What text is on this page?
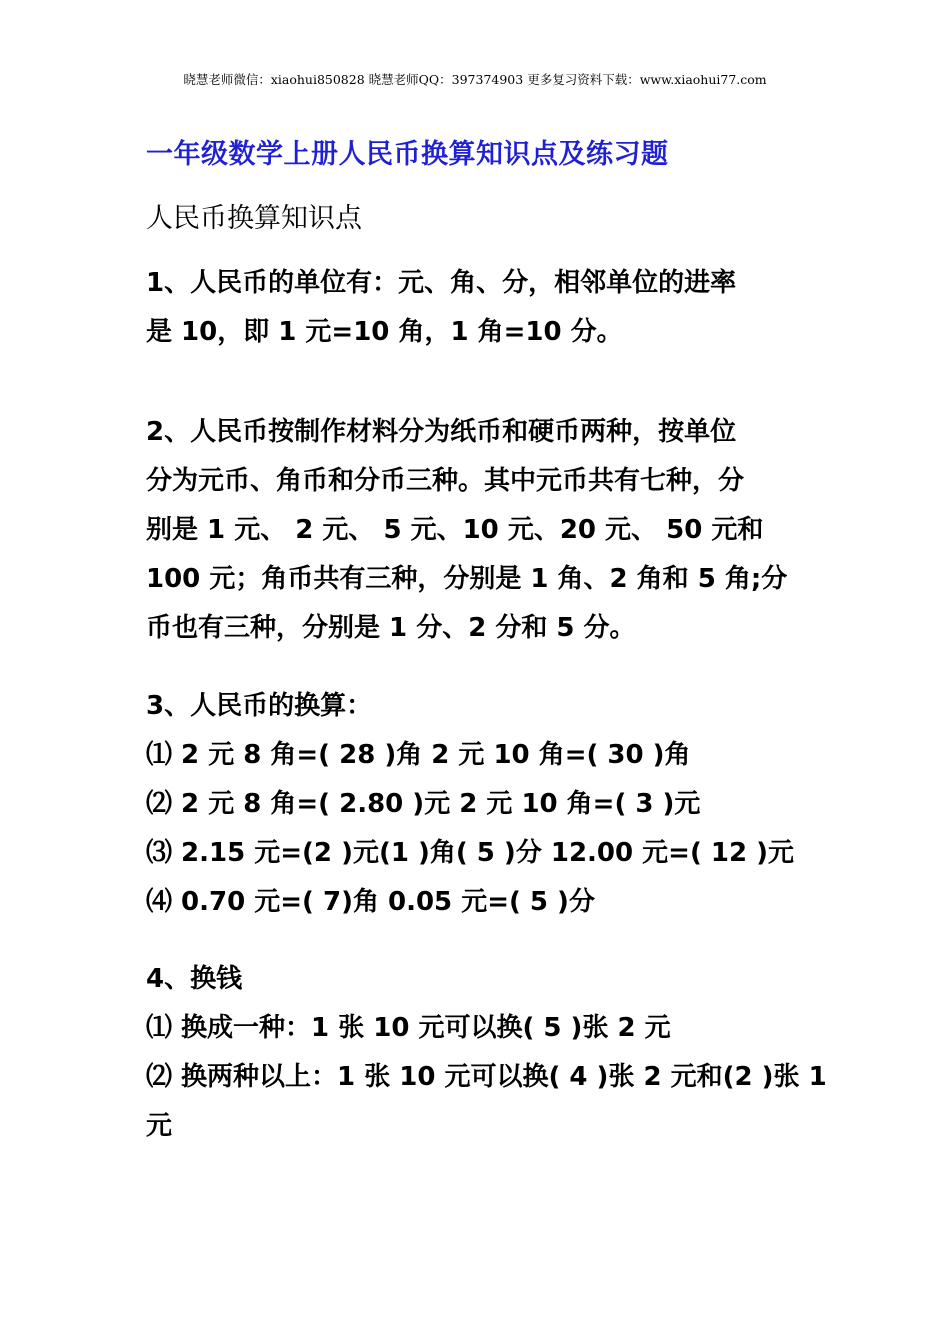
晓慧老师微信：xiaohui850828 晓慧老师QQ：397374903 更多复习资料下载：www.xiaohui77.com
一年级数学上册人民币换算知识点及练习题
人民币换算知识点
1、人民币的单位有：元、角、分，相邻单位的进率
是 10，即 1 元=10 角，1 角=10 分。
2、人民币按制作材料分为纸币和硬币两种，按单位
分为元币、角币和分币三种。其中元币共有七种，分
别是 1 元、 2 元、 5 元、10 元、20 元、 50 元和
100 元；角币共有三种，分别是 1 角、2 角和 5 角;分
币也有三种，分别是 1 分、2 分和 5 分。
3、人民币的换算：
⑴ 2 元 8 角=( 28 )角 2 元 10 角=( 30 )角
⑵ 2 元 8 角=( 2.80 )元 2 元 10 角=( 3 )元
⑶ 2.15 元=(2 )元(1 )角( 5 )分 12.00 元=( 12 )元
⑷ 0.70 元=( 7)角 0.05 元=( 5 )分
4、换钱
⑴ 换成一种：1 张 10 元可以换( 5 )张 2 元
⑵ 换两种以上：1 张 10 元可以换( 4 )张 2 元和(2 )张 1
元
